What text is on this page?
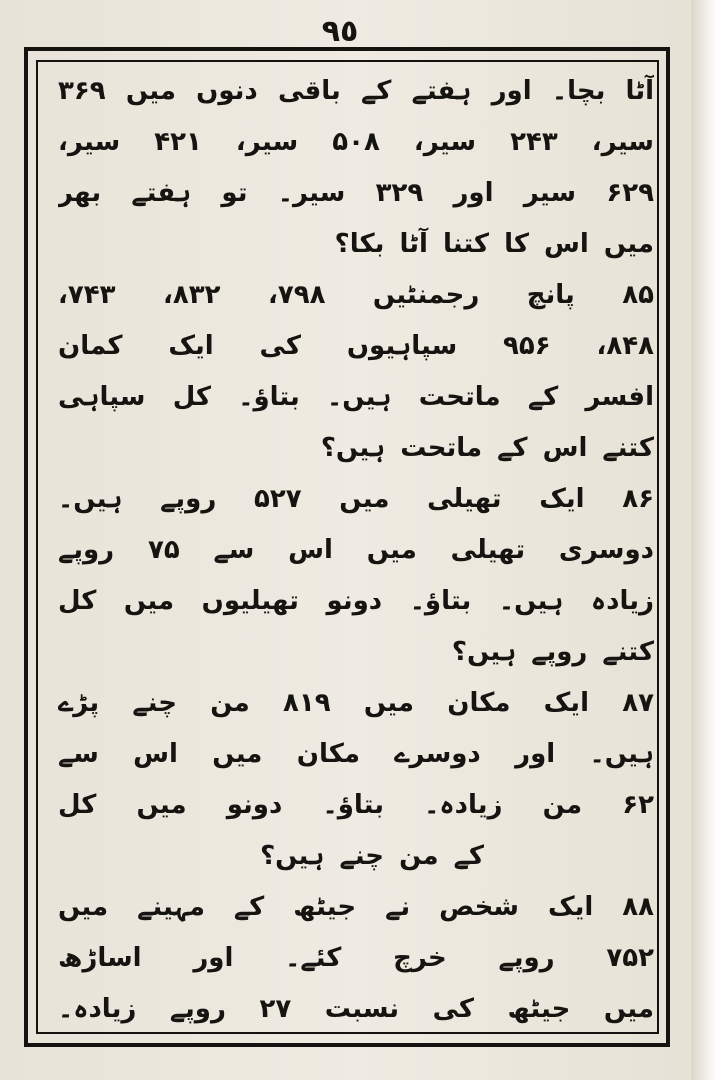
٩٥
آٹا بچا۔ اور ہفتے کے باقی دنوں میں ۳۶۹
سیر، ۲۴۳ سیر، ۵۰۸ سیر، ۴۲۱ سیر،
۶۲۹ سیر اور ۳۲۹ سیر۔ تو ہفتے بھر
میں اس کا کتنا آٹا بکا؟
۸۵ پانچ رجمنٹیں ۷۹۸، ۸۳۲، ۷۴۳،
۸۴۸، ۹۵۶ سپاہیوں کی ایک کمان
افسر کے ماتحت ہیں۔ بتاؤ۔ کل سپاہی
کتنے اس کے ماتحت ہیں؟
۸۶ ایک تھیلی میں ۵۲۷ روپے ہیں۔
دوسری تھیلی میں اس سے ۷۵ روپے
زیادہ ہیں۔ بتاؤ۔ دونو تھیلیوں میں کل
کتنے روپے ہیں؟
۸۷ ایک مکان میں ۸۱۹ من چنے پڑے
ہیں۔ اور دوسرے مکان میں اس سے
۶۲ من زیادہ۔ بتاؤ۔ دونو میں کل
کے من چنے ہیں؟
۸۸ ایک شخص نے جیٹھ کے مہینے میں
۷۵۲ روپے خرچ کئے۔ اور اساڑھ
میں جیٹھ کی نسبت ۲۷ روپے زیادہ۔
